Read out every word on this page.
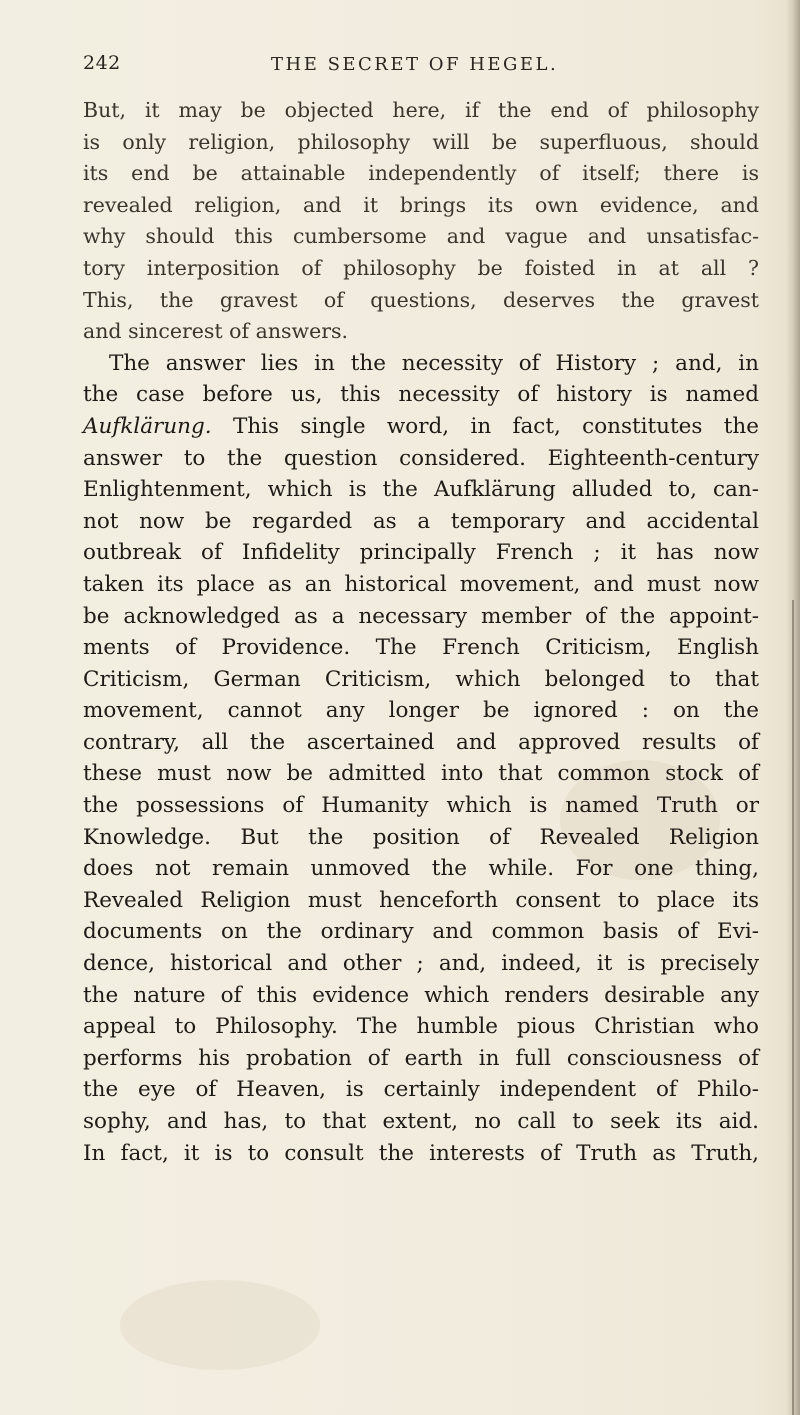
242	THE SECRET OF HEGEL.
But, it may be objected here, if the end of philosophy
is only religion, philosophy will be superfluous, should
its end be attainable independently of itself; there is
revealed religion, and it brings its own evidence, and
why should this cumbersome and vague and unsatisfac-
tory interposition of philosophy be foisted in at all ?
This, the gravest of questions, deserves the gravest
and sincerest of answers.
The answer lies in the necessity of History ; and, in
the case before us, this necessity of history is named
Aufklärung. This single word, in fact, constitutes the
answer to the question considered. Eighteenth-century
Enlightenment, which is the Aufklärung alluded to, can-
not now be regarded as a temporary and accidental
outbreak of Infidelity principally French ; it has now
taken its place as an historical movement, and must now
be acknowledged as a necessary member of the appoint-
ments of Providence. The French Criticism, English
Criticism, German Criticism, which belonged to that
movement, cannot any longer be ignored : on the
contrary, all the ascertained and approved results of
these must now be admitted into that common stock of
the possessions of Humanity which is named Truth or
Knowledge. But the position of Revealed Religion
does not remain unmoved the while. For one thing,
Revealed Religion must henceforth consent to place its
documents on the ordinary and common basis of Evi-
dence, historical and other ; and, indeed, it is precisely
the nature of this evidence which renders desirable any
appeal to Philosophy. The humble pious Christian who
performs his probation of earth in full consciousness of
the eye of Heaven, is certainly independent of Philo-
sophy, and has, to that extent, no call to seek its aid.
In fact, it is to consult the interests of Truth as Truth,
